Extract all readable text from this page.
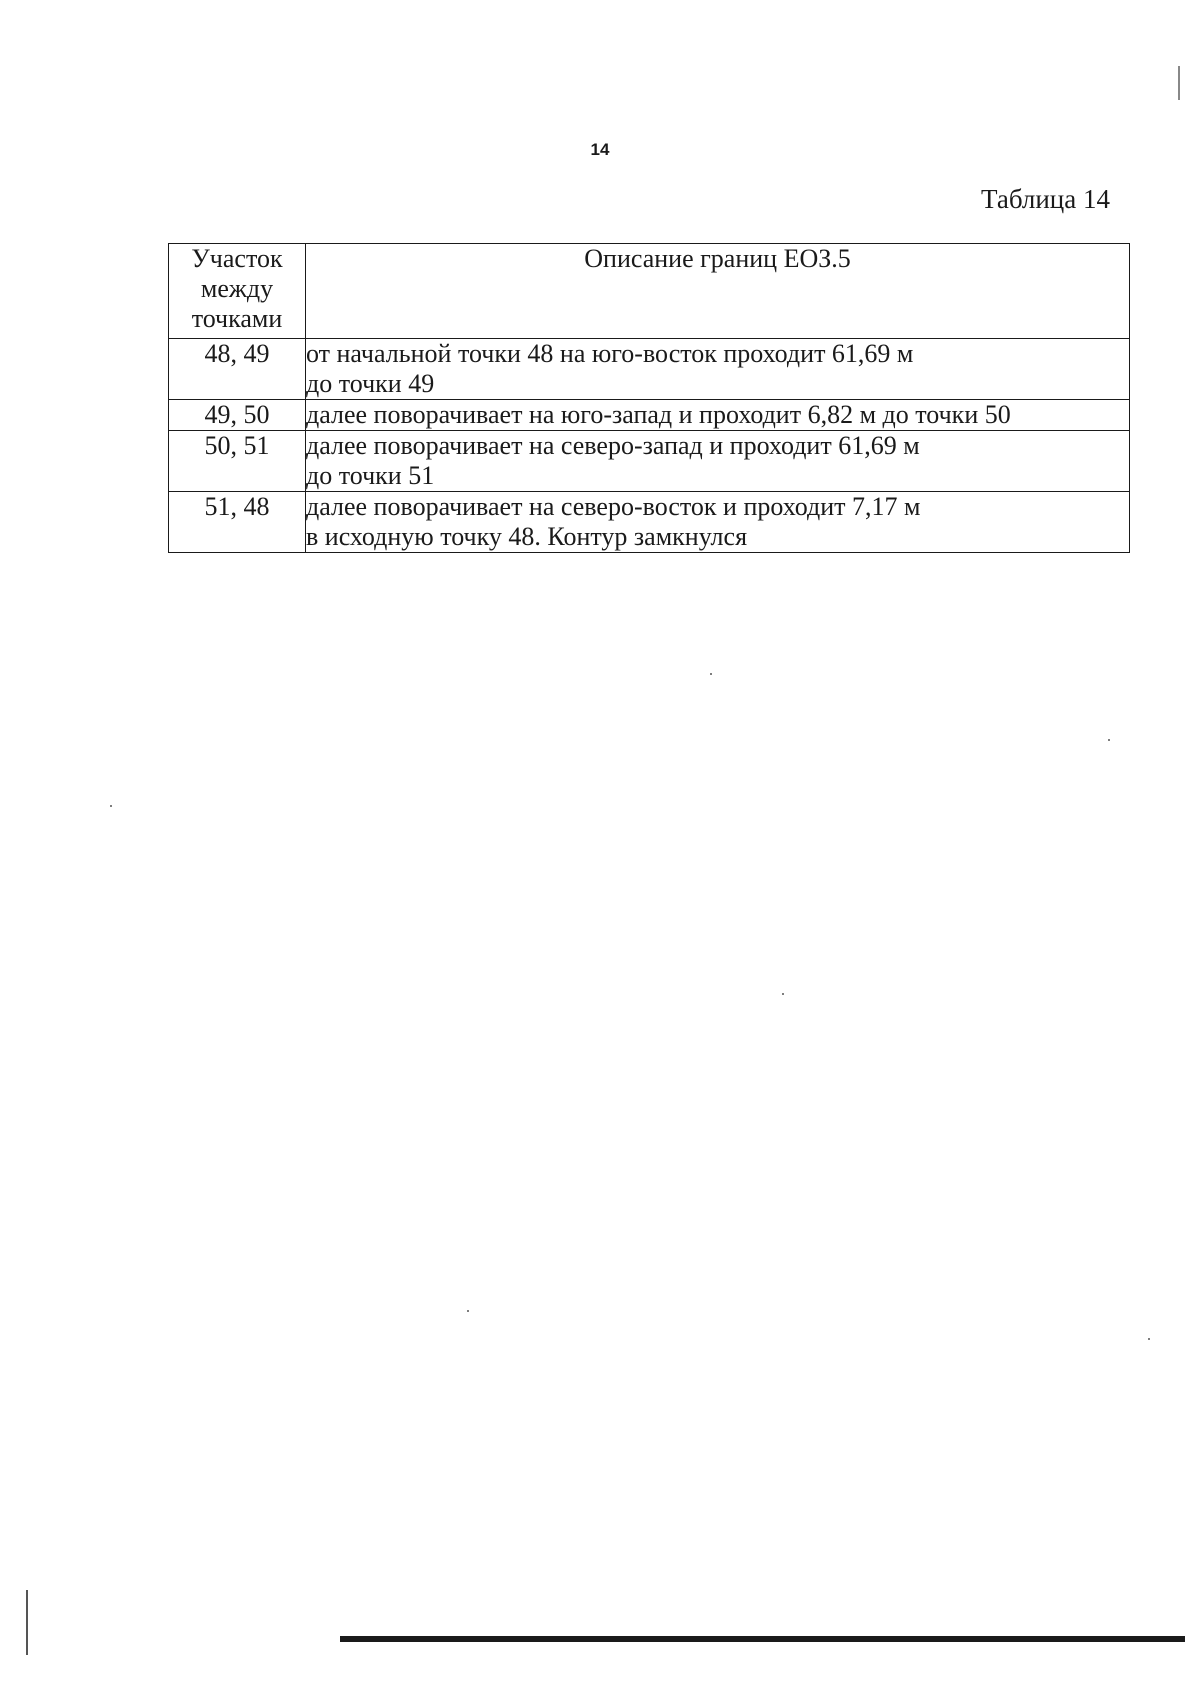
14
Таблица 14
Участок
между
точками	Описание границ ЕОЗ.5
48, 49	от начальной точки 48 на юго-восток проходит 61,69 м
до точки 49

49, 50	далее поворачивает на юго-запад и проходит 6,82 м до точки 50

50, 51	далее поворачивает на северо-запад и проходит 61,69 м
до точки 51

51, 48	далее поворачивает на северо-восток и проходит 7,17 м
в исходную точку 48. Контур замкнулся
